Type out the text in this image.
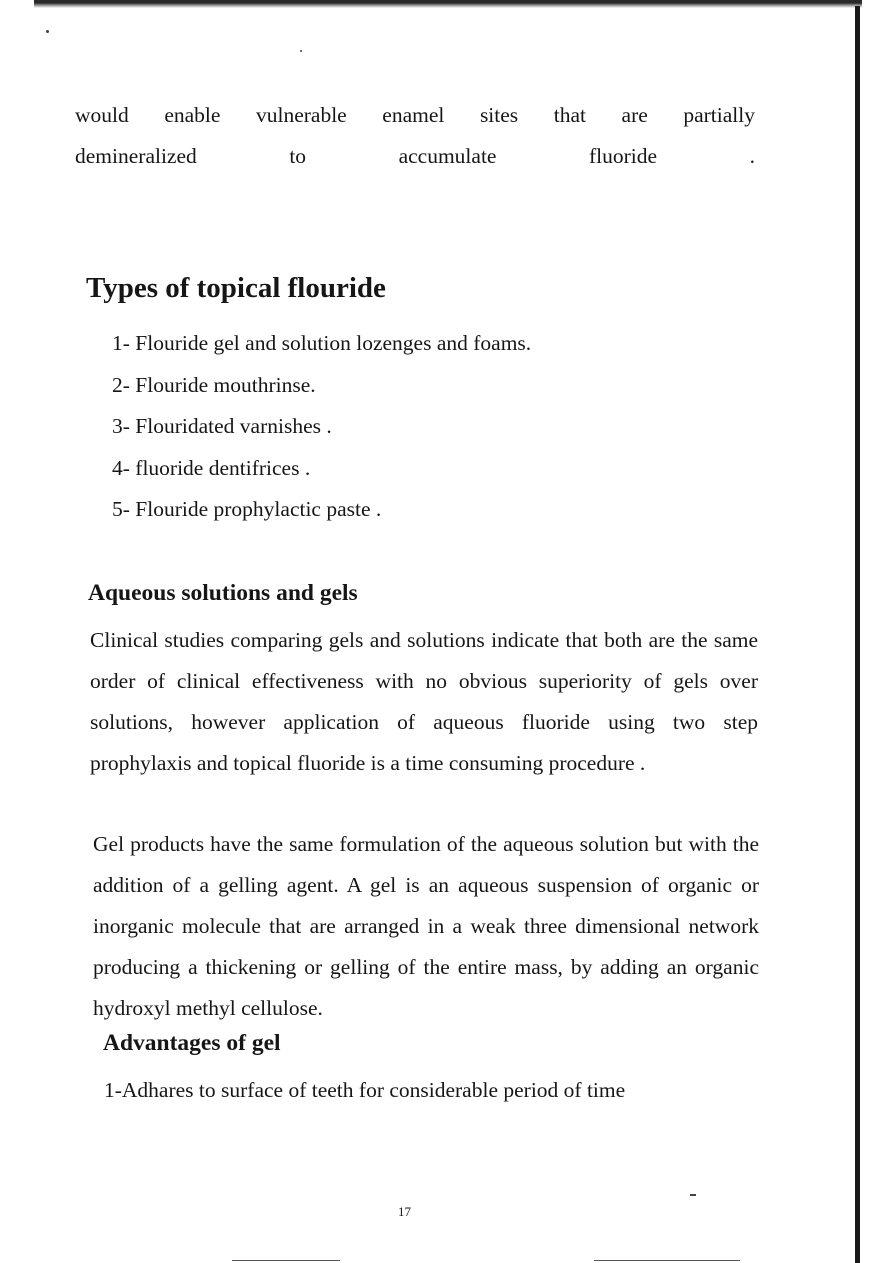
would enable vulnerable enamel sites that are partially
demineralized to accumulate fluoride .

Types of topical flouride
1- Flouride gel and solution lozenges and foams.
2- Flouride mouthrinse.
3- Flouridated varnishes .
4- fluoride dentifrices .
5- Flouride prophylactic paste .
Aqueous solutions and gels

Clinical studies comparing gels and solutions indicate that both are the same order of clinical effectiveness with no obvious superiority of gels over solutions, however application of aqueous fluoride using two step prophylaxis and topical fluoride is a time consuming procedure .

Gel products have the same formulation of the aqueous solution but with the addition of a gelling agent. A gel is an aqueous suspension of organic or inorganic molecule that are arranged in a weak three dimensional network producing a thickening or gelling of the entire mass, by adding an organic hydroxyl methyl cellulose.

Advantages of gel

1-Adhares to surface of teeth for considerable period of time

17
